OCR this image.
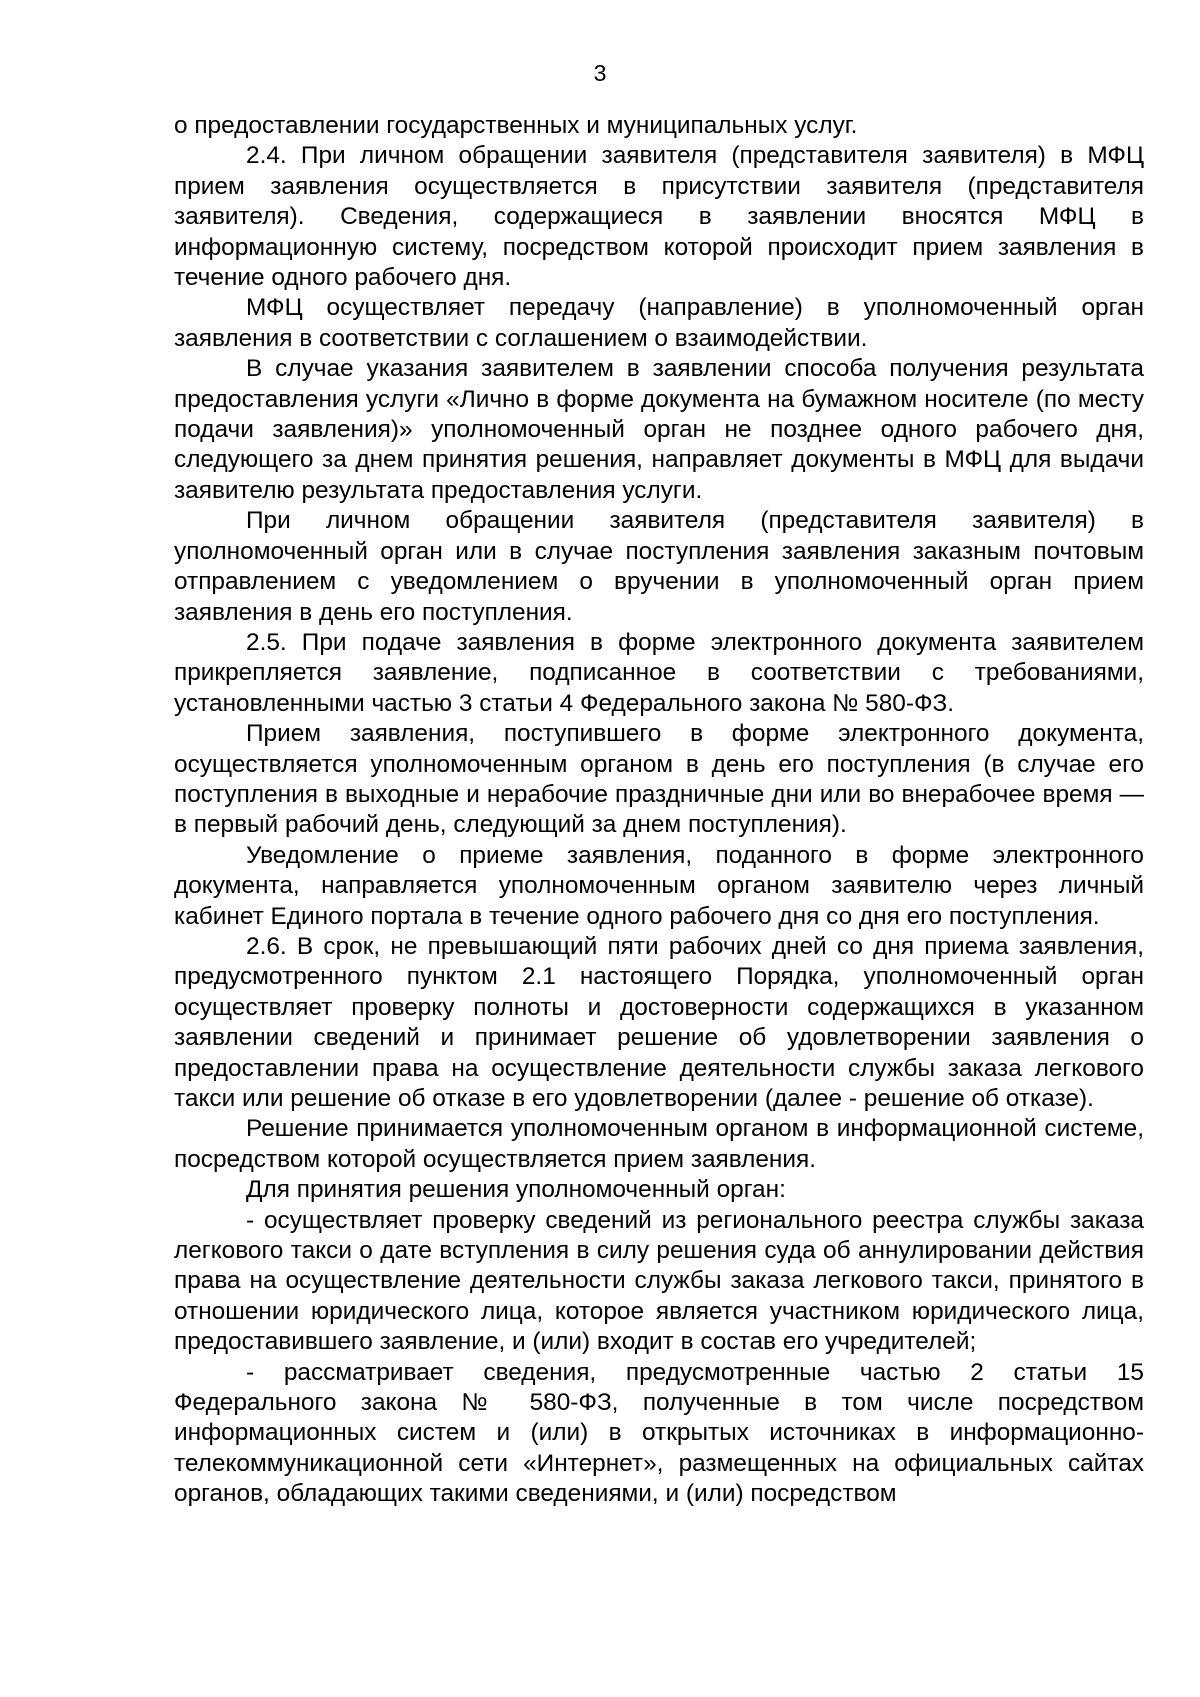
3

о предоставлении государственных и муниципальных услуг.

2.4. При личном обращении заявителя (представителя заявителя) в МФЦ прием заявления осуществляется в присутствии заявителя (представителя заявителя). Сведения, содержащиеся в заявлении вносятся МФЦ в информационную систему, посредством которой происходит прием заявления в течение одного рабочего дня.

МФЦ осуществляет передачу (направление) в уполномоченный орган заявления в соответствии с соглашением о взаимодействии.

В случае указания заявителем в заявлении способа получения результата предоставления услуги «Лично в форме документа на бумажном носителе (по месту подачи заявления)» уполномоченный орган не позднее одного рабочего дня, следующего за днем принятия решения, направляет документы в МФЦ для выдачи заявителю результата предоставления услуги.

При личном обращении заявителя (представителя заявителя) в уполномоченный орган или в случае поступления заявления заказным почтовым отправлением с уведомлением о вручении в уполномоченный орган прием заявления в день его поступления.

2.5. При подаче заявления в форме электронного документа заявителем прикрепляется заявление, подписанное в соответствии с требованиями, установленными частью 3 статьи 4 Федерального закона № 580-ФЗ.

Прием заявления, поступившего в форме электронного документа, осуществляется уполномоченным органом в день его поступления (в случае его поступления в выходные и нерабочие праздничные дни или во внерабочее время — в первый рабочий день, следующий за днем поступления).

Уведомление о приеме заявления, поданного в форме электронного документа, направляется уполномоченным органом заявителю через личный кабинет Единого портала в течение одного рабочего дня со дня его поступления.

2.6. В срок, не превышающий пяти рабочих дней со дня приема заявления, предусмотренного пунктом 2.1 настоящего Порядка, уполномоченный орган осуществляет проверку полноты и достоверности содержащихся в указанном заявлении сведений и принимает решение об удовлетворении заявления о предоставлении права на осуществление деятельности службы заказа легкового такси или решение об отказе в его удовлетворении (далее - решение об отказе).

Решение принимается уполномоченным органом в информационной системе, посредством которой осуществляется прием заявления.

Для принятия решения уполномоченный орган:

- осуществляет проверку сведений из регионального реестра службы заказа легкового такси о дате вступления в силу решения суда об аннулировании действия права на осуществление деятельности службы заказа легкового такси, принятого в отношении юридического лица, которое является участником юридического лица, предоставившего заявление, и (или) входит в состав его учредителей;

- рассматривает сведения, предусмотренные частью 2 статьи 15 Федерального закона № 580-ФЗ, полученные в том числе посредством информационных систем и (или) в открытых источниках в информационно-телекоммуникационной сети «Интернет», размещенных на официальных сайтах органов, обладающих такими сведениями, и (или) посредством
